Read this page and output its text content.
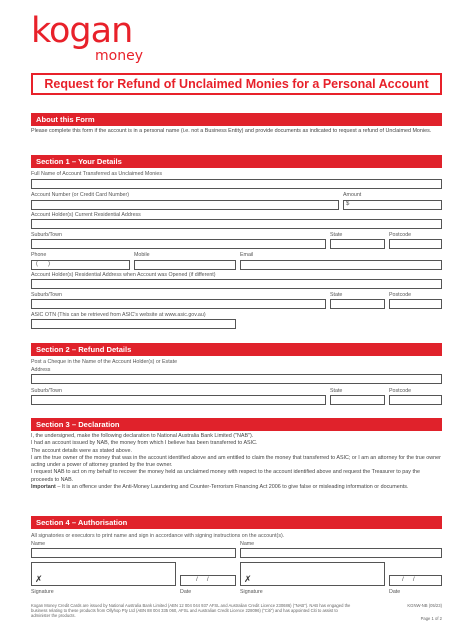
kogan
money
Request for Refund of Unclaimed Monies for a Personal Account
About this Form
Please complete this form if the account is in a personal name (i.e. not a Business Entity) and provide documents as indicated to request a refund of Unclaimed Monies.
Section 1 – Your Details
Full Name of Account Transferred as Unclaimed Monies
Account Number (or Credit Card Number)	Amount
$
Account Holder(s) Current Residential Address
Suburb/Town	State	Postcode
Phone	Mobile	Email
(      )
Account Holder(s) Residential Address when Account was Opened (if different)
Suburb/Town	State	Postcode
ASIC OTN (This can be retrieved from ASIC's website at www.asic.gov.au)
Section 2 – Refund Details
Post a Cheque in the Name of the Account Holder(s) or Estate
Address
Suburb/Town	State	Postcode
Section 3 – Declaration
I, the undersigned, make the following declaration to National Australia Bank Limited ("NAB").
I had an account issued by NAB, the money from which I believe has been transferred to ASIC.
The account details were as stated above.
I am the true owner of the money that was in the account identified above and am entitled to claim the money that transferred to ASIC; or I am an attorney for the true owner acting under a power of attorney granted by the true owner.
I request NAB to act on my behalf to recover the money held as unclaimed money with respect to the account identified above and request the Treasurer to pay the proceeds to NAB.
Important – It is an offence under the Anti-Money Laundering and Counter-Terrorism Financing Act 2006 to give false or misleading information or documents.
Section 4 – Authorisation
All signatories or executors to print name and sign in accordance with signing instructions on the account(s).
Name	Name
✗	/     /	✗	/     /
Signature	Date	Signature	Date
Kogan Money Credit Cards are issued by National Australia Bank Limited (ABN 12 004 044 937 AFSL and Australian Credit Licence 230686) ("NAB"). NAB has engaged the business relating to these products from Ollyhop Pty Ltd (ABN 88 004 335 060, AFSL and Australian Credit Licence 228096) ("Citi") and has appointed Citi to assist to administer the products.
KGNW-NB (05/23)
Page 1 of 2
